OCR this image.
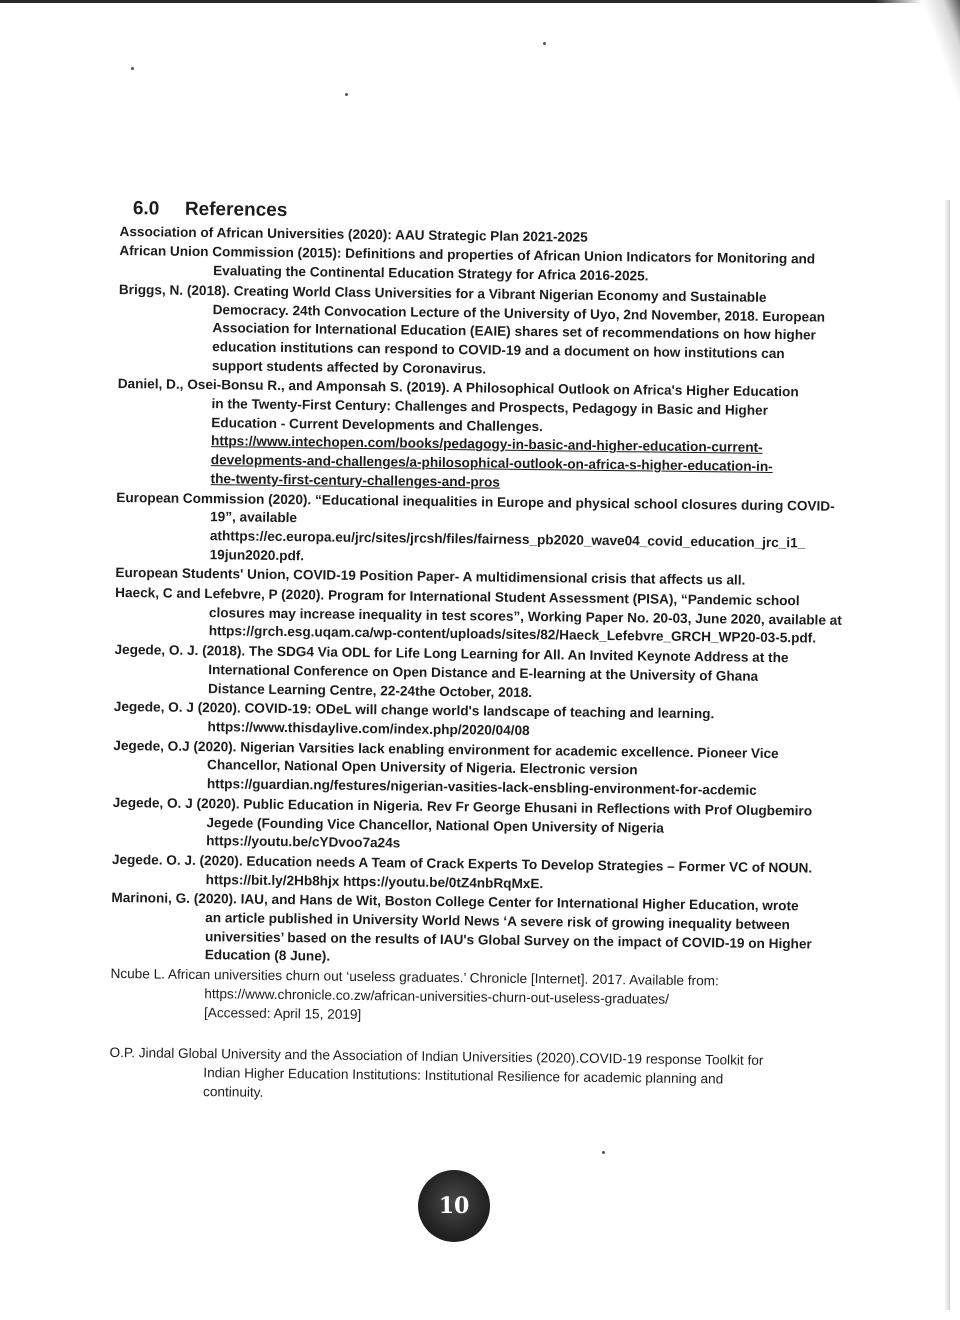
6.0	References
Association of African Universities (2020): AAU Strategic Plan 2021-2025
African Union Commission (2015): Definitions and properties of African Union Indicators for Monitoring and
Evaluating the Continental Education Strategy for Africa 2016-2025.
Briggs, N. (2018). Creating World Class Universities for a Vibrant Nigerian Economy and Sustainable
Democracy. 24th Convocation Lecture of the University of Uyo, 2nd November, 2018. European
Association for International Education (EAIE) shares set of recommendations on how higher
education institutions can respond to COVID-19 and a document on how institutions can
support students affected by Coronavirus.
Daniel, D., Osei-Bonsu R., and Amponsah S. (2019). A Philosophical Outlook on Africa's Higher Education
in the Twenty-First Century: Challenges and Prospects, Pedagogy in Basic and Higher
Education - Current Developments and Challenges.
https://www.intechopen.com/books/pedagogy-in-basic-and-higher-education-current-
developments-and-challenges/a-philosophical-outlook-on-africa-s-higher-education-in-
the-twenty-first-century-challenges-and-pros
European Commission (2020). “Educational inequalities in Europe and physical school closures during COVID-
19”, available
athttps://ec.europa.eu/jrc/sites/jrcsh/files/fairness_pb2020_wave04_covid_education_jrc_i1_
19jun2020.pdf.
European Students' Union, COVID-19 Position Paper- A multidimensional crisis that affects us all.
Haeck, C and Lefebvre, P (2020). Program for International Student Assessment (PISA), “Pandemic school
closures may increase inequality in test scores”, Working Paper No. 20-03, June 2020, available at
https://grch.esg.uqam.ca/wp-content/uploads/sites/82/Haeck_Lefebvre_GRCH_WP20-03-5.pdf.
Jegede, O. J. (2018). The SDG4 Via ODL for Life Long Learning for All. An Invited Keynote Address at the
International Conference on Open Distance and E-learning at the University of Ghana
Distance Learning Centre, 22-24the October, 2018.
Jegede, O. J (2020). COVID-19: ODeL will change world's landscape of teaching and learning.
https://www.thisdaylive.com/index.php/2020/04/08
Jegede, O.J (2020). Nigerian Varsities lack enabling environment for academic excellence. Pioneer Vice
Chancellor, National Open University of Nigeria. Electronic version
https://guardian.ng/festures/nigerian-vasities-lack-ensbling-environment-for-acdemic
Jegede, O. J (2020). Public Education in Nigeria. Rev Fr George Ehusani in Reflections with Prof Olugbemiro
Jegede (Founding Vice Chancellor, National Open University of Nigeria
https://youtu.be/cYDvoo7a24s
Jegede. O. J. (2020). Education needs A Team of Crack Experts To Develop Strategies – Former VC of NOUN.
https://bit.ly/2Hb8hjx https://youtu.be/0tZ4nbRqMxE.
Marinoni, G. (2020). IAU, and Hans de Wit, Boston College Center for International Higher Education, wrote
an article published in University World News ‘A severe risk of growing inequality between
universities’ based on the results of IAU's Global Survey on the impact of COVID-19 on Higher
Education (8 June).
Ncube L. African universities churn out ‘useless graduates.’ Chronicle [Internet]. 2017. Available from:
https://www.chronicle.co.zw/african-universities-churn-out-useless-graduates/
[Accessed: April 15, 2019]
O.P. Jindal Global University and the Association of Indian Universities (2020).COVID-19 response Toolkit for
Indian Higher Education Institutions: Institutional Resilience for academic planning and
continuity.
10
